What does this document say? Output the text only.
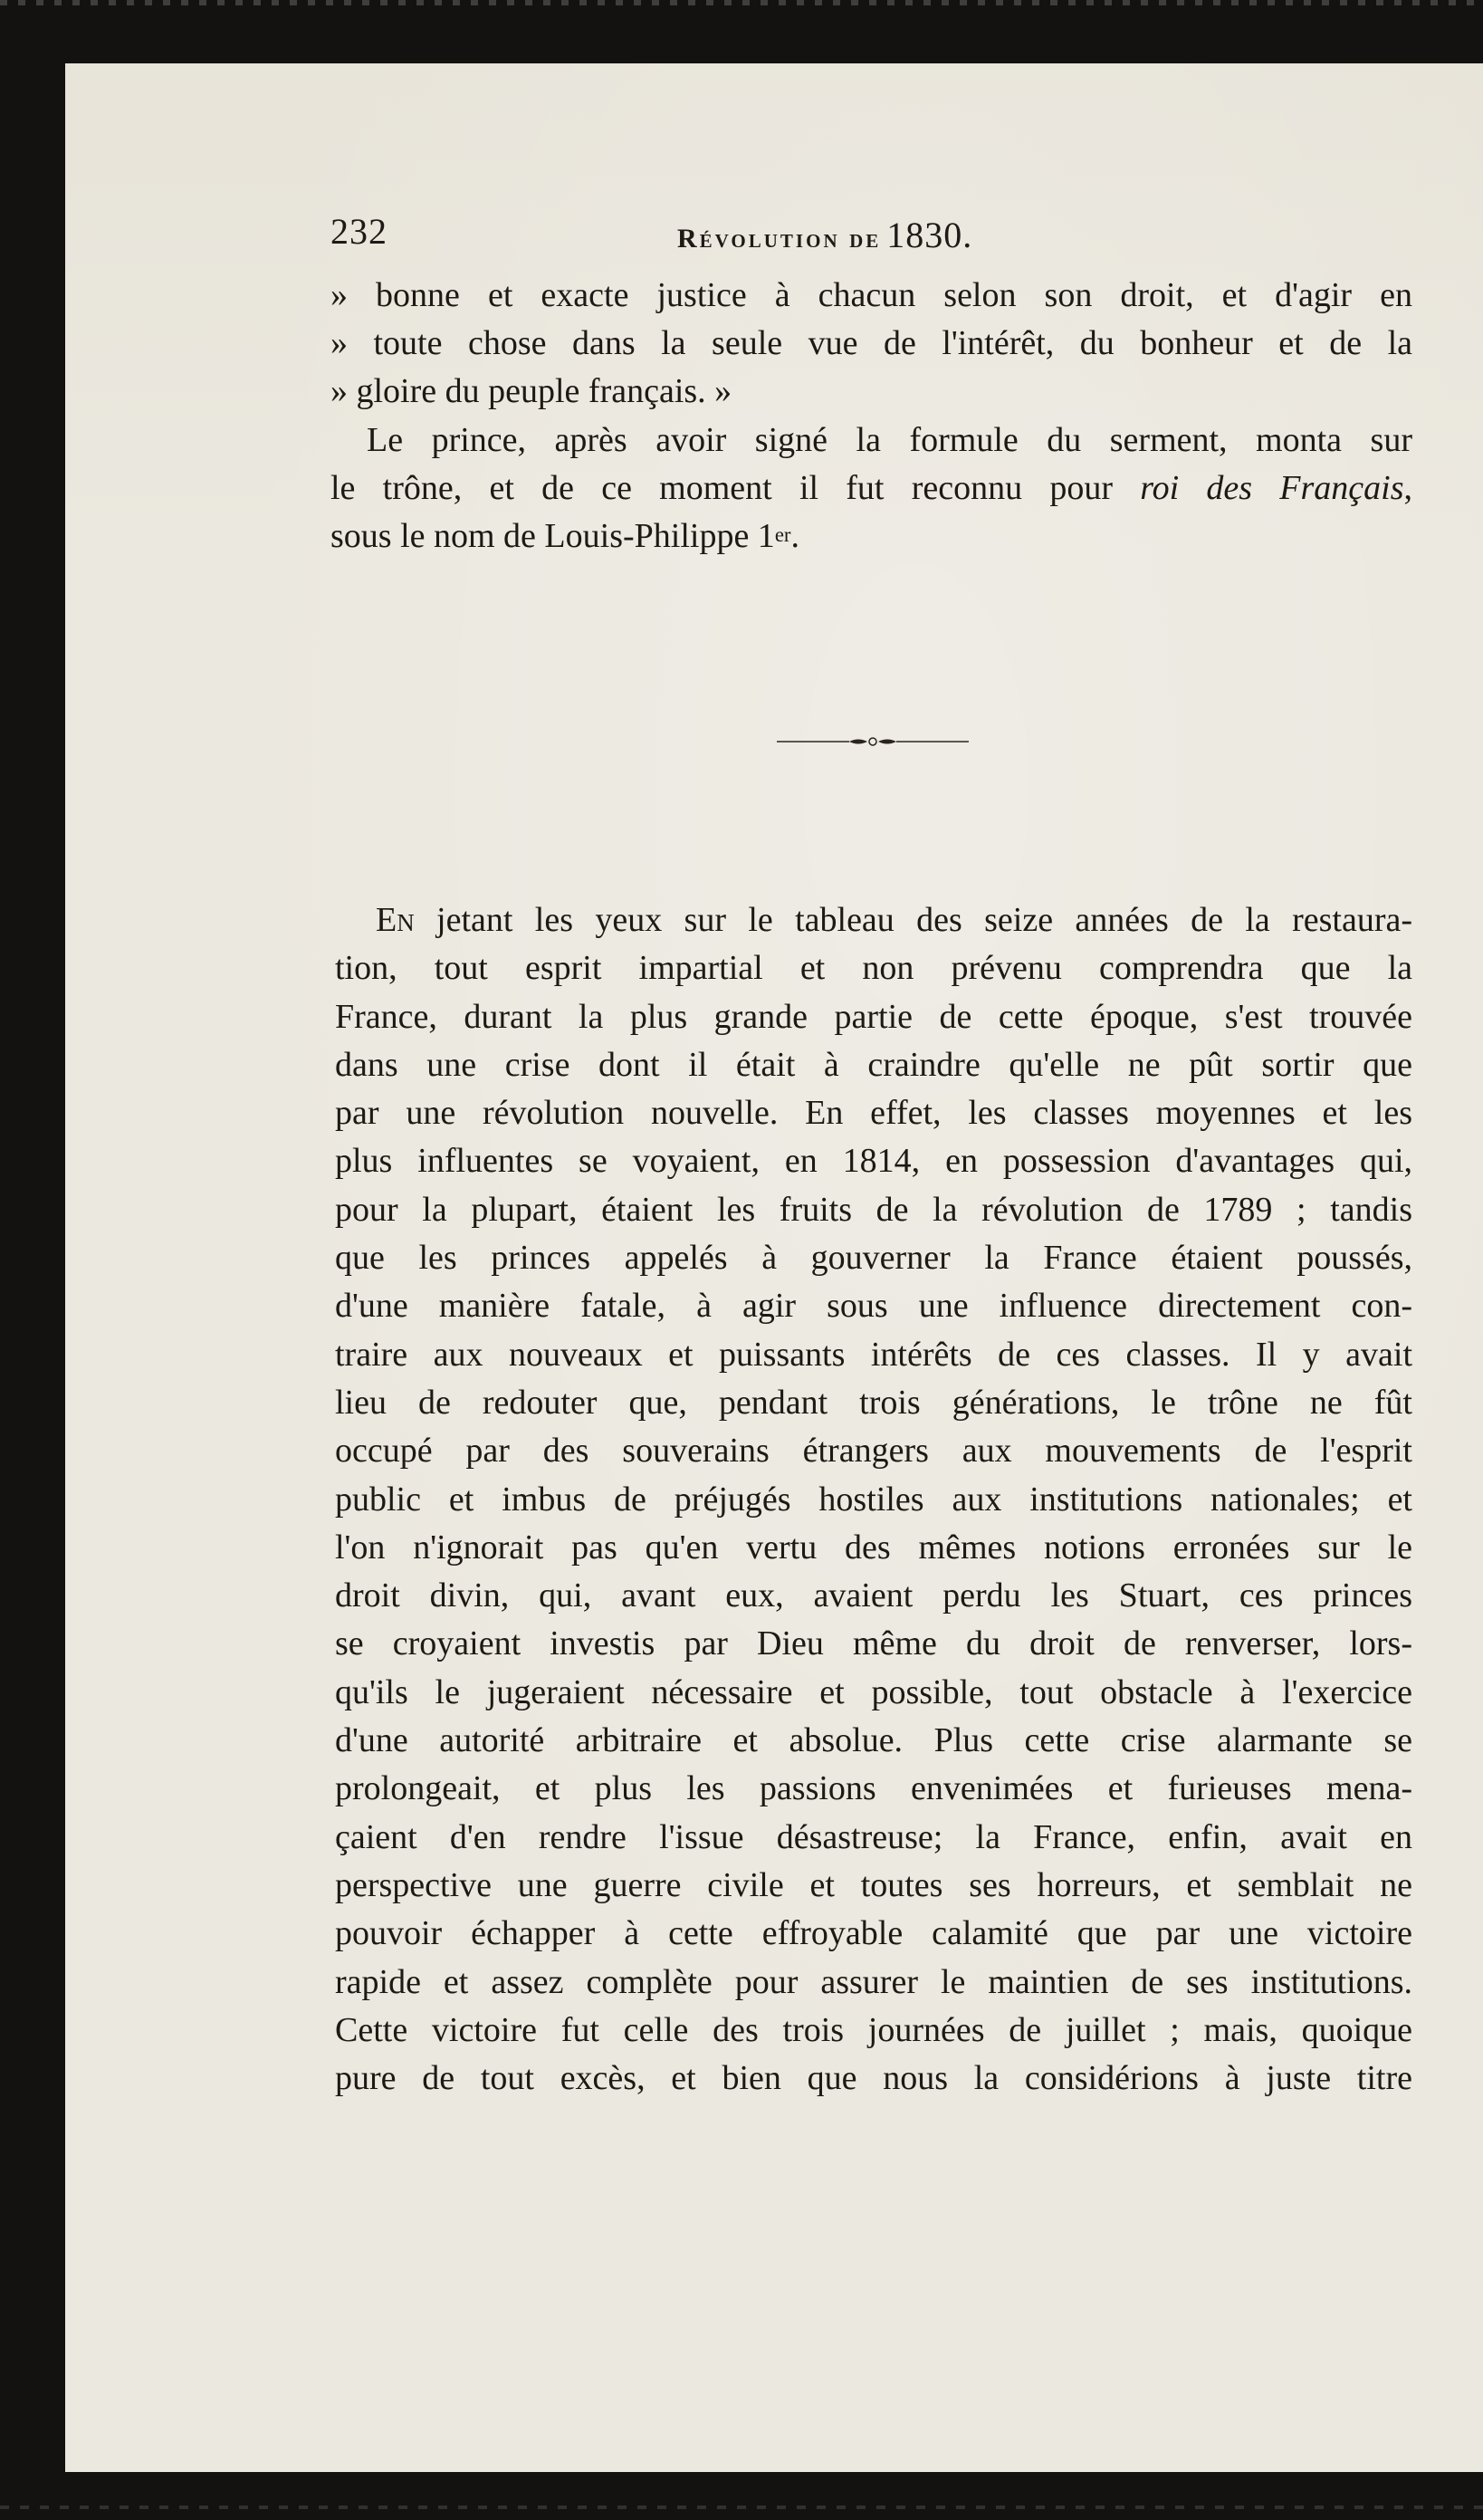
232	Révolution de 1830.
» bonne et exacte justice à chacun selon son droit, et d'agir en
» toute chose dans la seule vue de l'intérêt, du bonheur et de la
» gloire du peuple français. »
Le prince, après avoir signé la formule du serment, monta sur
le trône, et de ce moment il fut reconnu pour roi des Français,
sous le nom de Louis-Philippe 1er.
En jetant les yeux sur le tableau des seize années de la restaura-
tion, tout esprit impartial et non prévenu comprendra que la
France, durant la plus grande partie de cette époque, s'est trouvée
dans une crise dont il était à craindre qu'elle ne pût sortir que
par une révolution nouvelle. En effet, les classes moyennes et les
plus influentes se voyaient, en 1814, en possession d'avantages qui,
pour la plupart, étaient les fruits de la révolution de 1789 ; tandis
que les princes appelés à gouverner la France étaient poussés,
d'une manière fatale, à agir sous une influence directement con-
traire aux nouveaux et puissants intérêts de ces classes. Il y avait
lieu de redouter que, pendant trois générations, le trône ne fût
occupé par des souverains étrangers aux mouvements de l'esprit
public et imbus de préjugés hostiles aux institutions nationales; et
l'on n'ignorait pas qu'en vertu des mêmes notions erronées sur le
droit divin, qui, avant eux, avaient perdu les Stuart, ces princes
se croyaient investis par Dieu même du droit de renverser, lors-
qu'ils le jugeraient nécessaire et possible, tout obstacle à l'exercice
d'une autorité arbitraire et absolue. Plus cette crise alarmante se
prolongeait, et plus les passions envenimées et furieuses mena-
çaient d'en rendre l'issue désastreuse; la France, enfin, avait en
perspective une guerre civile et toutes ses horreurs, et semblait ne
pouvoir échapper à cette effroyable calamité que par une victoire
rapide et assez complète pour assurer le maintien de ses institutions.
Cette victoire fut celle des trois journées de juillet ; mais, quoique
pure de tout excès, et bien que nous la considérions à juste titre
